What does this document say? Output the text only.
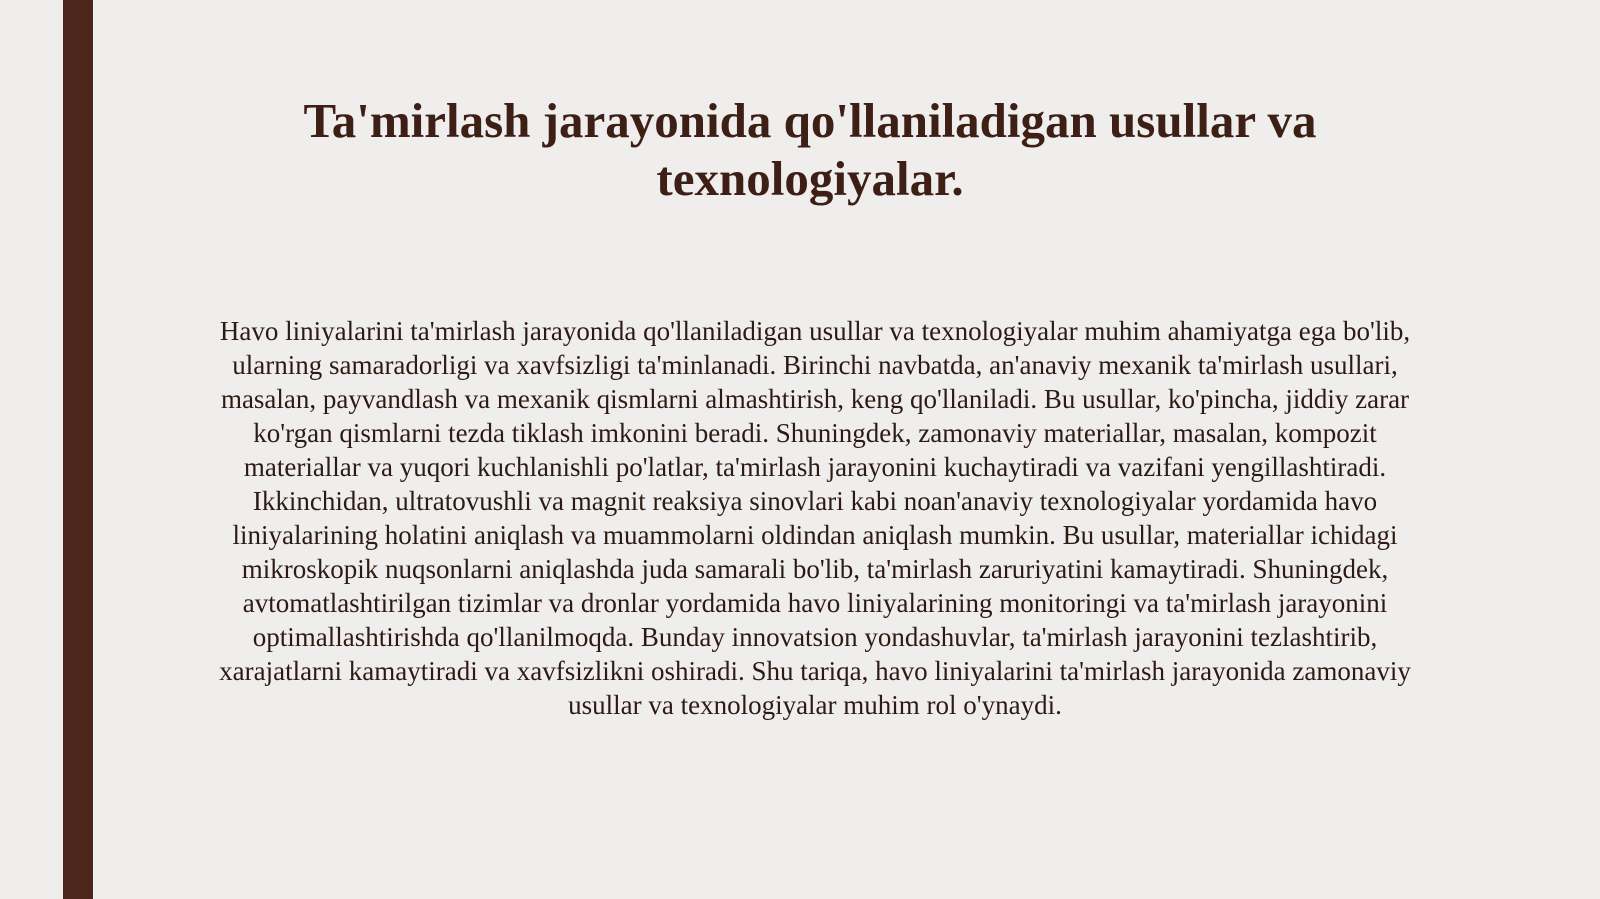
Ta'mirlash jarayonida qo'llaniladigan usullar va texnologiyalar.

Havo liniyalarini ta'mirlash jarayonida qo'llaniladigan usullar va texnologiyalar muhim ahamiyatga ega bo'lib, ularning samaradorligi va xavfsizligi ta'minlanadi. Birinchi navbatda, an'anaviy mexanik ta'mirlash usullari, masalan, payvandlash va mexanik qismlarni almashtirish, keng qo'llaniladi. Bu usullar, ko'pincha, jiddiy zarar ko'rgan qismlarni tezda tiklash imkonini beradi. Shuningdek, zamonaviy materiallar, masalan, kompozit materiallar va yuqori kuchlanishli po'latlar, ta'mirlash jarayonini kuchaytiradi va vazifani yengillashtiradi. Ikkinchidan, ultratovushli va magnit reaksiya sinovlari kabi noan'anaviy texnologiyalar yordamida havo liniyalarining holatini aniqlash va muammolarni oldindan aniqlash mumkin. Bu usullar, materiallar ichidagi mikroskopik nuqsonlarni aniqlashda juda samarali bo'lib, ta'mirlash zaruriyatini kamaytiradi. Shuningdek, avtomatlashtirilgan tizimlar va dronlar yordamida havo liniyalarining monitoringi va ta'mirlash jarayonini optimallashtirishda qo'llanilmoqda. Bunday innovatsion yondashuvlar, ta'mirlash jarayonini tezlashtirib, xarajatlarni kamaytiradi va xavfsizlikni oshiradi. Shu tariqa, havo liniyalarini ta'mirlash jarayonida zamonaviy usullar va texnologiyalar muhim rol o'ynaydi.
